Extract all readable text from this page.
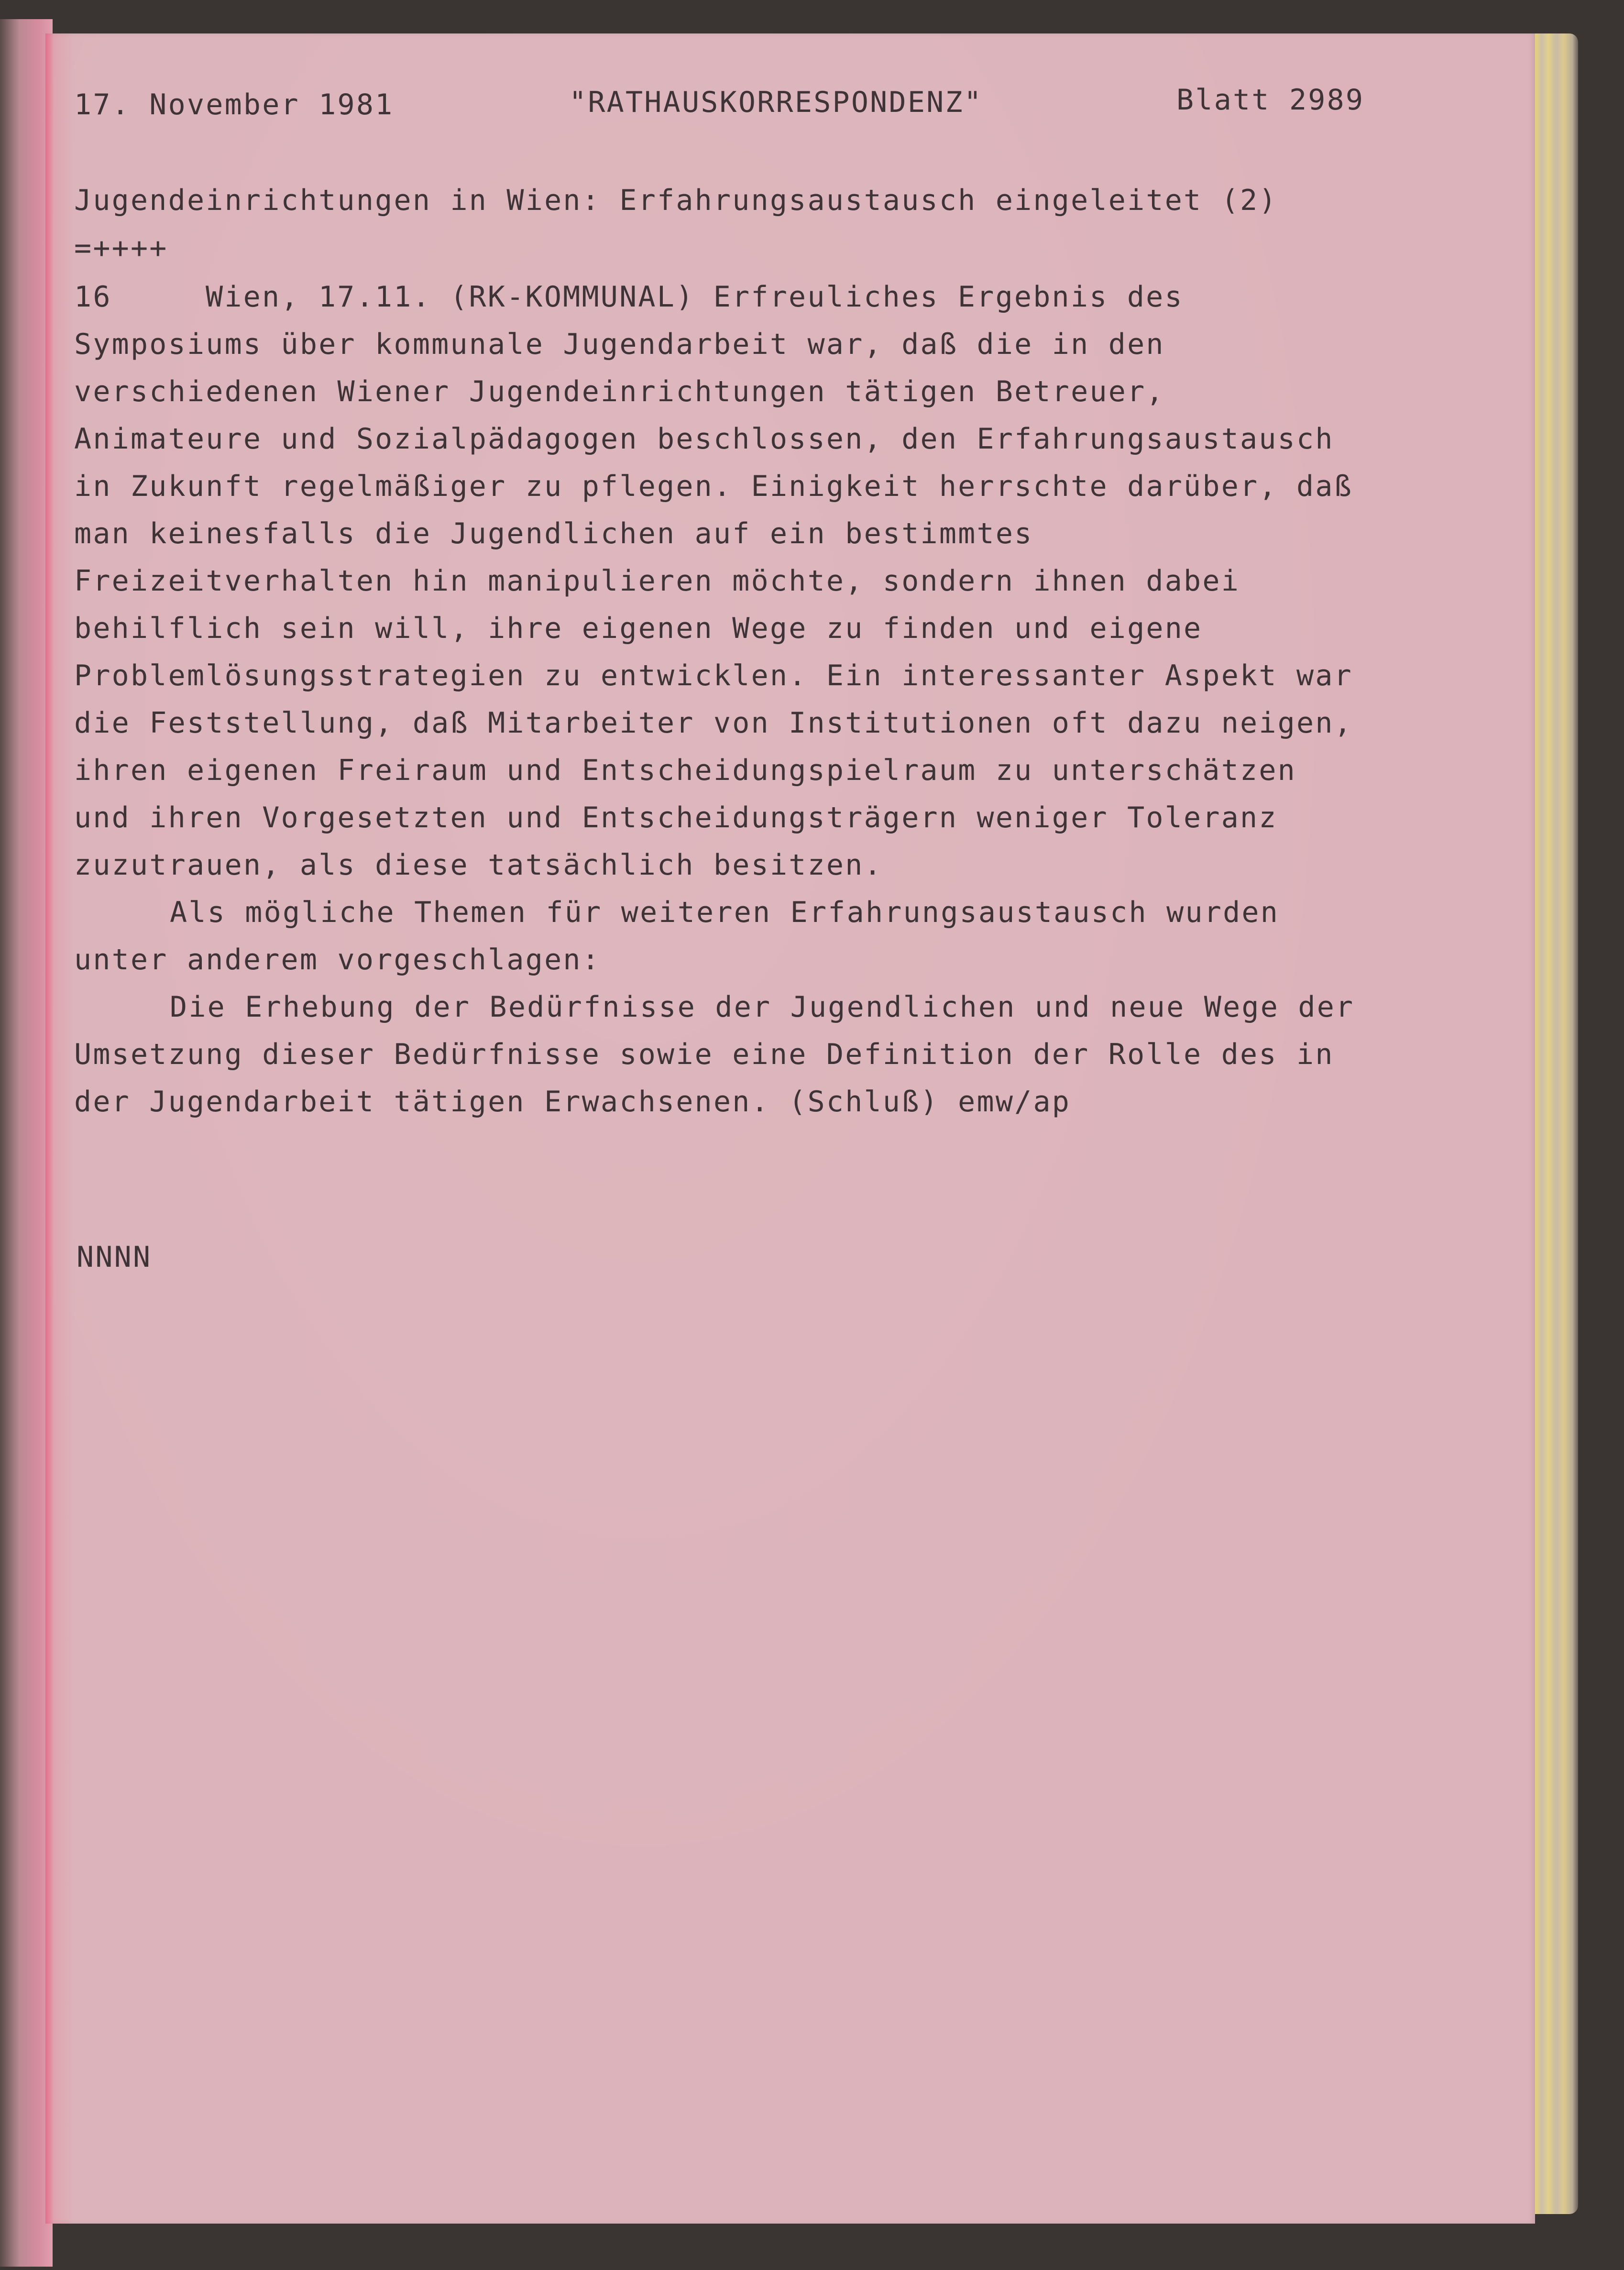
17. November 1981	"RATHAUSKORRESPONDENZ"	Blatt 2989
Jugendeinrichtungen in Wien: Erfahrungsaustausch eingeleitet (2)
=++++
16	Wien, 17.11. (RK-KOMMUNAL) Erfreuliches Ergebnis des
Symposiums über kommunale Jugendarbeit war, daß die in den
verschiedenen Wiener Jugendeinrichtungen tätigen Betreuer,
Animateure und Sozialpädagogen beschlossen, den Erfahrungsaustausch
in Zukunft regelmäßiger zu pflegen. Einigkeit herrschte darüber, daß
man keinesfalls die Jugendlichen auf ein bestimmtes
Freizeitverhalten hin manipulieren möchte, sondern ihnen dabei
behilflich sein will, ihre eigenen Wege zu finden und eigene
Problemlösungsstrategien zu entwicklen. Ein interessanter Aspekt war
die Feststellung, daß Mitarbeiter von Institutionen oft dazu neigen,
ihren eigenen Freiraum und Entscheidungspielraum zu unterschätzen
und ihren Vorgesetzten und Entscheidungsträgern weniger Toleranz
zuzutrauen, als diese tatsächlich besitzen.
Als mögliche Themen für weiteren Erfahrungsaustausch wurden
unter anderem vorgeschlagen:
Die Erhebung der Bedürfnisse der Jugendlichen und neue Wege der
Umsetzung dieser Bedürfnisse sowie eine Definition der Rolle des in
der Jugendarbeit tätigen Erwachsenen. (Schluß) emw/ap
NNNN
